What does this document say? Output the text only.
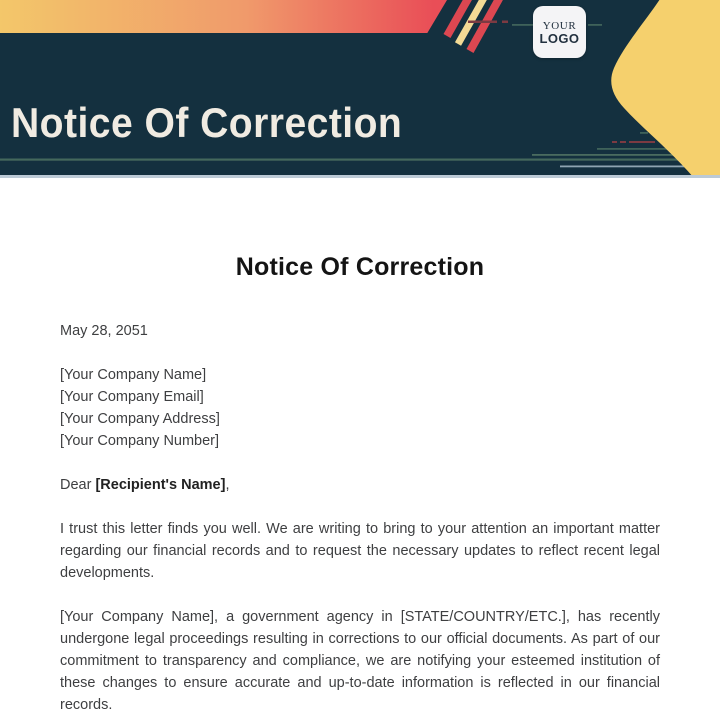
YOUR
LOGO
Notice Of Correction
Notice Of Correction

May 28, 2051

[Your Company Name]
[Your Company Email]
[Your Company Address]
[Your Company Number]

Dear [Recipient's Name],

I trust this letter finds you well. We are writing to bring to your attention an important matter regarding our financial records and to request the necessary updates to reflect recent legal developments.

[Your Company Name], a government agency in [STATE/COUNTRY/ETC.], has recently undergone legal proceedings resulting in corrections to our official documents. As part of our commitment to transparency and compliance, we are notifying your esteemed institution of these changes to ensure accurate and up-to-date information is reflected in our financial records.
